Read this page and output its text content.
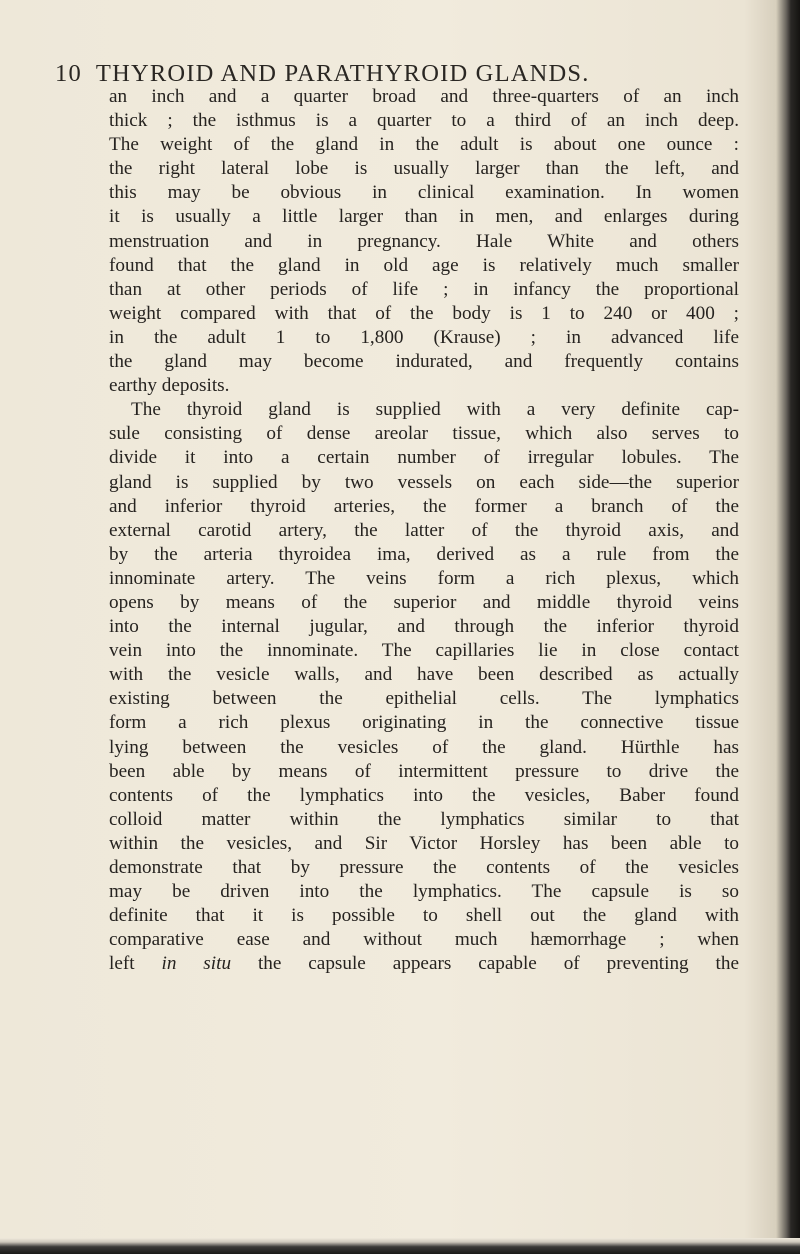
10 THYROID AND PARATHYROID GLANDS.
an inch and a quarter broad and three-quarters of an inch
thick ; the isthmus is a quarter to a third of an inch deep.
The weight of the gland in the adult is about one ounce :
the right lateral lobe is usually larger than the left, and
this may be obvious in clinical examination. In women
it is usually a little larger than in men, and enlarges during
menstruation and in pregnancy. Hale White and others
found that the gland in old age is relatively much smaller
than at other periods of life ; in infancy the proportional
weight compared with that of the body is 1 to 240 or 400 ;
in the adult 1 to 1,800 (Krause) ; in advanced life
the gland may become indurated, and frequently contains
earthy deposits.
The thyroid gland is supplied with a very definite cap-
sule consisting of dense areolar tissue, which also serves to
divide it into a certain number of irregular lobules. The
gland is supplied by two vessels on each side—the superior
and inferior thyroid arteries, the former a branch of the
external carotid artery, the latter of the thyroid axis, and
by the arteria thyroidea ima, derived as a rule from the
innominate artery. The veins form a rich plexus, which
opens by means of the superior and middle thyroid veins
into the internal jugular, and through the inferior thyroid
vein into the innominate. The capillaries lie in close contact
with the vesicle walls, and have been described as actually
existing between the epithelial cells. The lymphatics
form a rich plexus originating in the connective tissue
lying between the vesicles of the gland. Hürthle has
been able by means of intermittent pressure to drive the
contents of the lymphatics into the vesicles, Baber found
colloid matter within the lymphatics similar to that
within the vesicles, and Sir Victor Horsley has been able to
demonstrate that by pressure the contents of the vesicles
may be driven into the lymphatics. The capsule is so
definite that it is possible to shell out the gland with
comparative ease and without much hæmorrhage ; when
left in situ the capsule appears capable of preventing the
